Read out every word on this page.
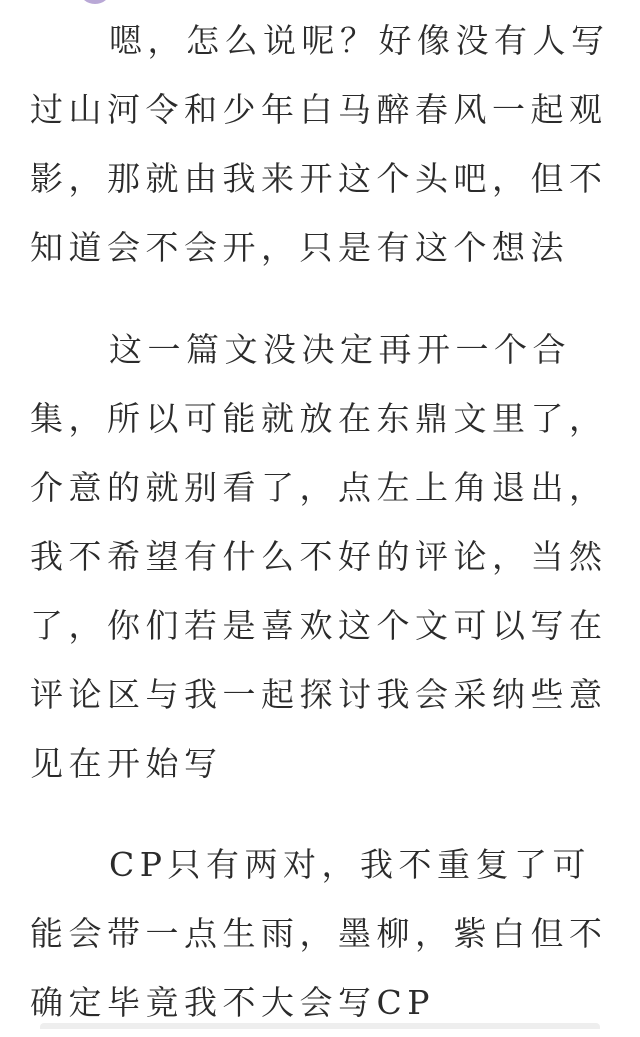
嗯，怎么说呢？好像没有人写过山河令和少年白马醉春风一起观影，那就由我来开这个头吧，但不知道会不会开，只是有这个想法

这一篇文没决定再开一个合集，所以可能就放在东鼎文里了，介意的就别看了，点左上角退出，我不希望有什么不好的评论，当然了，你们若是喜欢这个文可以写在评论区与我一起探讨我会采纳些意见在开始写

CP只有两对，我不重复了可能会带一点生雨，墨柳，紫白但不确定毕竟我不大会写CP
